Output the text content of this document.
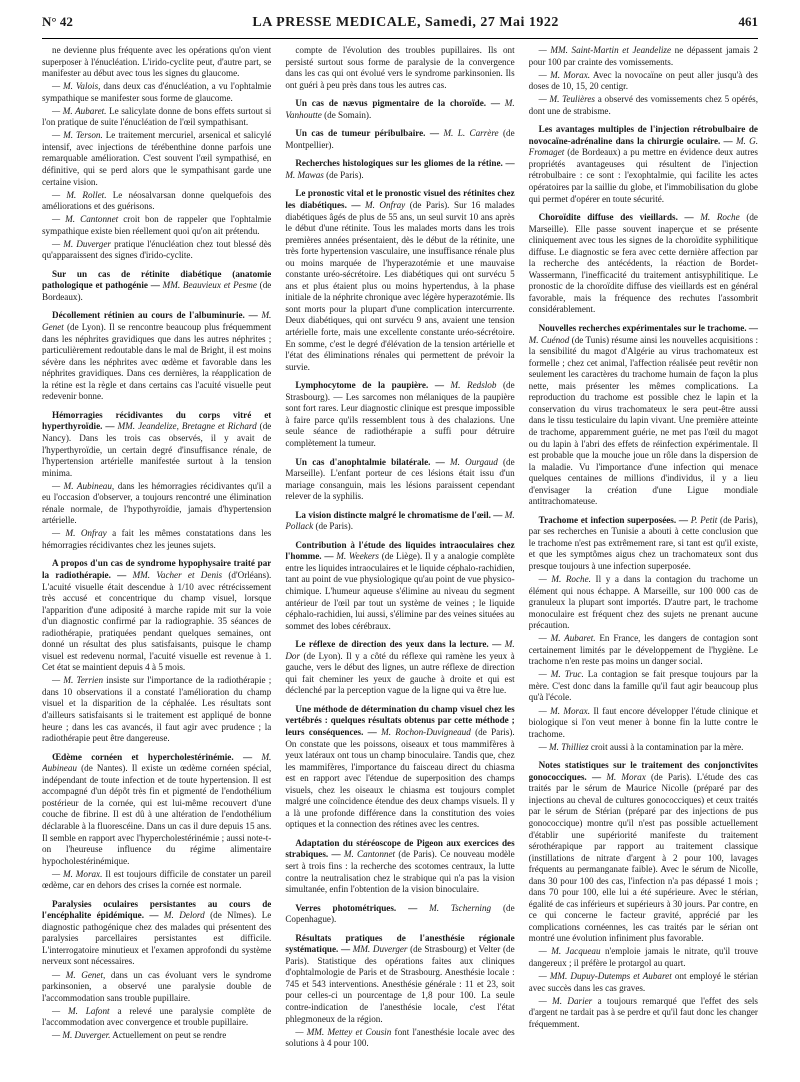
N° 42	LA PRESSE MEDICALE, Samedi, 27 Mai 1922	461

ne devienne plus fréquente avec les opérations qu'on vient superposer à l'énucléation. L'irido-cyclite peut, d'autre part, se manifester au début avec tous les signes du glaucome.

— M. Valois, dans deux cas d'énucléation, a vu l'ophtalmie sympathique se manifester sous forme de glaucome.

— M. Aubaret. Le salicylate donne de bons effets surtout si l'on pratique de suite l'énucléation de l'œil sympathisant.

— M. Terson. Le traitement mercuriel, arsenical et salicylé intensif, avec injections de térébenthine donne parfois une remarquable amélioration. C'est souvent l'œil sympathisé, en définitive, qui se perd alors que le sympathisant garde une certaine vision.

— M. Rollet. Le néosalvarsan donne quelquefois des améliorations et des guérisons.

— M. Cantonnet croit bon de rappeler que l'ophtalmie sympathique existe bien réellement quoi qu'on ait prétendu.

— M. Duverger pratique l'énucléation chez tout blessé dès qu'apparaissent des signes d'irido-cyclite.

Sur un cas de rétinite diabétique (anatomie pathologique et pathogénie — MM. Beauvieux et Pesme (de Bordeaux).

Décollement rétinien au cours de l'albuminurie. — M. Genet (de Lyon). Il se rencontre beaucoup plus fréquemment dans les néphrites gravidiques que dans les autres néphrites ; particulièrement redoutable dans le mal de Bright, il est moins sévère dans les néphrites avec œdème et favorable dans les néphrites gravidiques. Dans ces dernières, la réapplication de la rétine est la règle et dans certains cas l'acuité visuelle peut redevenir bonne.

Hémorragies récidivantes du corps vitré et hyperthyroïdie. — MM. Jeandelize, Bretagne et Richard (de Nancy). Dans les trois cas observés, il y avait de l'hyperthyroïdie, un certain degré d'insuffisance rénale, de l'hypertension artérielle manifestée surtout à la tension minima.

— M. Aubineau, dans les hémorragies récidivantes qu'il a eu l'occasion d'observer, a toujours rencontré une élimination rénale normale, de l'hypothyroïdie, jamais d'hypertension artérielle.

— M. Onfray a fait les mêmes constatations dans les hémorragies récidivantes chez les jeunes sujets.

A propos d'un cas de syndrome hypophysaire traité par la radiothérapie. — MM. Vacher et Denis (d'Orléans). L'acuité visuelle était descendue à 1/10 avec rétrécissement très accusé et concentrique du champ visuel, lorsque l'apparition d'une adiposité à marche rapide mit sur la voie d'un diagnostic confirmé par la radiographie. 35 séances de radiothérapie, pratiquées pendant quelques semaines, ont donné un résultat des plus satisfaisants, puisque le champ visuel est redevenu normal, l'acuité visuelle est revenue à 1. Cet état se maintient depuis 4 à 5 mois.

— M. Terrien insiste sur l'importance de la radiothérapie ; dans 10 observations il a constaté l'amélioration du champ visuel et la disparition de la céphalée. Les résultats sont d'ailleurs satisfaisants si le traitement est appliqué de bonne heure ; dans les cas avancés, il faut agir avec prudence ; la radiothérapie peut être dangereuse.

Œdème cornéen et hypercholestérinémie. — M. Aubineau (de Nantes). Il existe un œdème cornéen spécial, indépendant de toute infection et de toute hypertension. Il est accompagné d'un dépôt très fin et pigmenté de l'endothélium postérieur de la cornée, qui est lui-même recouvert d'une couche de fibrine. Il est dû à une altération de l'endothélium déclarable à la fluorescéine. Dans un cas il dure depuis 15 ans. Il semble en rapport avec l'hypercholestérinémie ; aussi note-t-on l'heureuse influence du régime alimentaire hypocholestérinémique.

— M. Morax. Il est toujours difficile de constater un pareil œdème, car en dehors des crises la cornée est normale.

Paralysies oculaires persistantes au cours de l'encéphalite épidémique. — M. Delord (de Nîmes). Le diagnostic pathogénique chez des malades qui présentent des paralysies parcellaires persistantes est difficile. L'interrogatoire minutieux et l'examen approfondi du système nerveux sont nécessaires.

— M. Genet, dans un cas évoluant vers le syndrome parkinsonien, a observé une paralysie double de l'accommodation sans trouble pupillaire.

— M. Lafont a relevé une paralysie complète de l'accommodation avec convergence et trouble pupillaire.

— M. Duverger. Actuellement on peut se rendre

compte de l'évolution des troubles pupillaires. Ils ont persisté surtout sous forme de paralysie de la convergence dans les cas qui ont évolué vers le syndrome parkinsonien. Ils ont guéri à peu près dans tous les autres cas.

Un cas de nævus pigmentaire de la choroïde. — M. Vanhoutte (de Somain).

Un cas de tumeur péribulbaire. — M. L. Carrère (de Montpellier).

Recherches histologiques sur les gliomes de la rétine. — M. Mawas (de Paris).

Le pronostic vital et le pronostic visuel des rétinites chez les diabétiques. — M. Onfray (de Paris). Sur 16 malades diabétiques âgés de plus de 55 ans, un seul survit 10 ans après le début d'une rétinite. Tous les malades morts dans les trois premières années présentaient, dès le début de la rétinite, une très forte hypertension vasculaire, une insuffisance rénale plus ou moins marquée de l'hyperazotémie et une mauvaise constante uréo-sécrétoire. Les diabétiques qui ont survécu 5 ans et plus étaient plus ou moins hypertendus, à la phase initiale de la néphrite chronique avec légère hyperazotémie. Ils sont morts pour la plupart d'une complication intercurrente. Deux diabétiques, qui ont survécu 9 ans, avaient une tension artérielle forte, mais une excellente constante uréo-sécrétoire. En somme, c'est le degré d'élévation de la tension artérielle et l'état des éliminations rénales qui permettent de prévoir la survie.

Lymphocytome de la paupière. — M. Redslob (de Strasbourg). — Les sarcomes non mélaniques de la paupière sont fort rares. Leur diagnostic clinique est presque impossible à faire parce qu'ils ressemblent tous à des chalazions. Une seule séance de radiothérapie a suffi pour détruire complètement la tumeur.

Un cas d'anophtalmie bilatérale. — M. Ourgaud (de Marseille). L'enfant porteur de ces lésions était issu d'un mariage consanguin, mais les lésions paraissent cependant relever de la syphilis.

La vision distincte malgré le chromatisme de l'œil. — M. Pollack (de Paris).

Contribution à l'étude des liquides intraoculaires chez l'homme. — M. Weekers (de Liège). Il y a analogie complète entre les liquides intraoculaires et le liquide céphalo-rachidien, tant au point de vue physiologique qu'au point de vue physico-chimique. L'humeur aqueuse s'élimine au niveau du segment antérieur de l'œil par tout un système de veines ; le liquide céphalo-rachidien, lui aussi, s'élimine par des veines situées au sommet des lobes cérébraux.

Le réflexe de direction des yeux dans la lecture. — M. Dor (de Lyon). Il y a côté du réflexe qui ramène les yeux à gauche, vers le début des lignes, un autre réflexe de direction qui fait cheminer les yeux de gauche à droite et qui est déclenché par la perception vague de la ligne qui va être lue.

Une méthode de détermination du champ visuel chez les vertébrés : quelques résultats obtenus par cette méthode ; leurs conséquences. — M. Rochon-Duvigneaud (de Paris). On constate que les poissons, oiseaux et tous mammifères à yeux latéraux ont tous un champ binoculaire. Tandis que, chez les mammifères, l'importance du faisceau direct du chiasma est en rapport avec l'étendue de superposition des champs visuels, chez les oiseaux le chiasma est toujours complet malgré une coïncidence étendue des deux champs visuels. Il y a là une profonde différence dans la constitution des voies optiques et la connection des rétines avec les centres.

Adaptation du stéréoscope de Pigeon aux exercices des strabiques. — M. Cantonnet (de Paris). Ce nouveau modèle sert à trois fins : la recherche des scotomes centraux, la lutte contre la neutralisation chez le strabique qui n'a pas la vision simultanée, enfin l'obtention de la vision binoculaire.

Verres photométriques. — M. Tscherning (de Copenhague).

Résultats pratiques de l'anesthésie régionale systématique. — MM. Duverger (de Strasbourg) et Velter (de Paris). Statistique des opérations faites aux cliniques d'ophtalmologie de Paris et de Strasbourg. Anesthésie locale : 745 et 543 interventions. Anesthésie générale : 11 et 23, soit pour celles-ci un pourcentage de 1,8 pour 100. La seule contre-indication de l'anesthésie locale, c'est l'état phlegmoneux de la région.

— MM. Mettey et Cousin font l'anesthésie locale avec des solutions à 4 pour 100.

— MM. Saint-Martin et Jeandelize ne dépassent jamais 2 pour 100 par crainte des vomissements.

— M. Morax. Avec la novocaïne on peut aller jusqu'à des doses de 10, 15, 20 centigr.

— M. Teulières a observé des vomissements chez 5 opérés, dont une de strabisme.

Les avantages multiples de l'injection rétrobulbaire de novocaïne-adrénaline dans la chirurgie oculaire. — M. G. Fromaget (de Bordeaux) a pu mettre en évidence deux autres propriétés avantageuses qui résultent de l'injection rétrobulbaire : ce sont : l'exophtalmie, qui facilite les actes opératoires par la saillie du globe, et l'immobilisation du globe qui permet d'opérer en toute sécurité.

Choroïdite diffuse des vieillards. — M. Roche (de Marseille). Elle passe souvent inaperçue et se présente cliniquement avec tous les signes de la choroïdite syphilitique diffuse. Le diagnostic se fera avec cette dernière affection par la recherche des antécédents, la réaction de Bordet-Wassermann, l'inefficacité du traitement antisyphilitique. Le pronostic de la choroïdite diffuse des vieillards est en général favorable, mais la fréquence des rechutes l'assombrit considérablement.

Nouvelles recherches expérimentales sur le trachome. — M. Cuénod (de Tunis) résume ainsi les nouvelles acquisitions : la sensibilité du magot d'Algérie au virus trachomateux est formelle ; chez cet animal, l'affection réalisée peut revêtir non seulement les caractères du trachome humain de façon la plus nette, mais présenter les mêmes complications. La reproduction du trachome est possible chez le lapin et la conservation du virus trachomateux le sera peut-être aussi dans le tissu testiculaire du lapin vivant. Une première atteinte de trachome, apparemment guérie, ne met pas l'œil du magot ou du lapin à l'abri des effets de réinfection expérimentale. Il est probable que la mouche joue un rôle dans la dispersion de la maladie. Vu l'importance d'une infection qui menace quelques centaines de millions d'individus, il y a lieu d'envisager la création d'une Ligue mondiale antitrachomateuse.

Trachome et infection superposées. — P. Petit (de Paris), par ses recherches en Tunisie a abouti à cette conclusion que le trachome n'est pas extrêmement rare, si tant est qu'il existe, et que les symptômes aigus chez un trachomateux sont dus presque toujours à une infection superposée.

— M. Roche. Il y a dans la contagion du trachome un élément qui nous échappe. A Marseille, sur 100 000 cas de granuleux la plupart sont importés. D'autre part, le trachome monoculaire est fréquent chez des sujets ne prenant aucune précaution.

— M. Aubaret. En France, les dangers de contagion sont certainement limités par le développement de l'hygiène. Le trachome n'en reste pas moins un danger social.

— M. Truc. La contagion se fait presque toujours par la mère. C'est donc dans la famille qu'il faut agir beaucoup plus qu'à l'école.

— M. Morax. Il faut encore développer l'étude clinique et biologique si l'on veut mener à bonne fin la lutte contre le trachome.

— M. Thilliez croit aussi à la contamination par la mère.

Notes statistiques sur le traitement des conjonctivites gonococciques. — M. Morax (de Paris). L'étude des cas traités par le sérum de Maurice Nicolle (préparé par des injections au cheval de cultures gonococciques) et ceux traités par le sérum de Stérian (préparé par des injections de pus gonococcique) montre qu'il n'est pas possible actuellement d'établir une supériorité manifeste du traitement sérothérapique par rapport au traitement classique (instillations de nitrate d'argent à 2 pour 100, lavages fréquents au permanganate faible). Avec le sérum de Nicolle, dans 30 pour 100 des cas, l'infection n'a pas dépassé 1 mois ; dans 70 pour 100, elle lui a été supérieure. Avec le stérian, égalité de cas inférieurs et supérieurs à 30 jours. Par contre, en ce qui concerne le facteur gravité, apprécié par les complications cornéennes, les cas traités par le sérian ont montré une évolution infiniment plus favorable.

— M. Jacqueau n'emploie jamais le nitrate, qu'il trouve dangereux ; il préfère le protargol au quart.

— MM. Dupuy-Dutemps et Aubaret ont employé le stérian avec succès dans les cas graves.

— M. Darier a toujours remarqué que l'effet des sels d'argent ne tardait pas à se perdre et qu'il faut donc les changer fréquemment.
